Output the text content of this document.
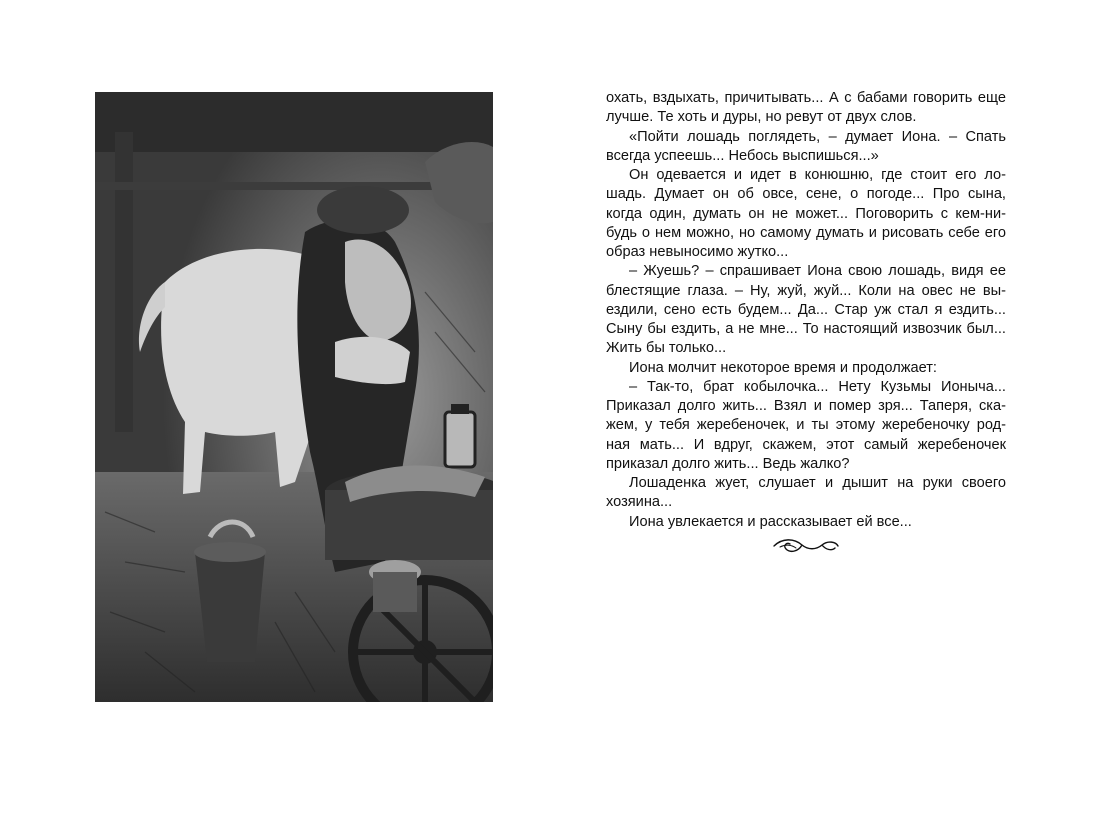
охать, вздыхать, причитывать... А с бабами говорить еще
лучше. Те хоть и дуры, но ревут от двух слов.
«Пойти лошадь поглядеть, – думает Иона. – Спать
всегда успеешь... Небось выспишься...»
Он одевается и идет в конюшню, где стоит его ло-
шадь. Думает он об овсе, сене, о погоде... Про сына,
когда один, думать он не может... Поговорить с кем-ни-
будь о нем можно, но самому думать и рисовать себе его
образ невыносимо жутко...
– Жуешь? – спрашивает Иона свою лошадь, видя ее
блестящие глаза. – Ну, жуй, жуй... Коли на овес не вы-
ездили, сено есть будем... Да... Стар уж стал я ездить...
Сыну бы ездить, а не мне... То настоящий извозчик был...
Жить бы только...
Иона молчит некоторое время и продолжает:
– Так-то, брат кобылочка... Нету Кузьмы Ионыча...
Приказал долго жить... Взял и помер зря... Таперя, ска-
жем, у тебя жеребеночек, и ты этому жеребеночку род-
ная мать... И вдруг, скажем, этот самый жеребеночек
приказал долго жить... Ведь жалко?
Лошаденка жует, слушает и дышит на руки своего
хозяина...
Иона увлекается и рассказывает ей все...
